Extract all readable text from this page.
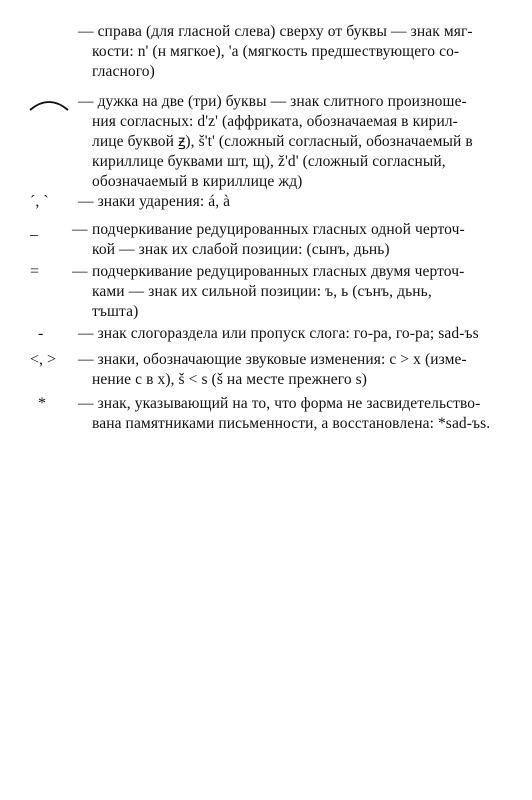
— справа (для гласной слева) сверху от буквы — знак мяг-
кости: n' (н мягкое), 'a (мягкость предшествующего со-
гласного)
— дужка на две (три) буквы — знак слитного произноше-
ния согласных: d'z' (аффриката, обозначаемая в кирил-
лице буквой ꙃ), š't' (сложный согласный, обозначаемый в
кириллице буквами шт, щ), ž'd' (сложный согласный,
обозначаемый в кириллице жд)
´, ` — знаки ударения: á, à
_ — подчеркивание редуцированных гласных одной черточ-
кой — знак их слабой позиции: (сынъ, дьнь)
= — подчеркивание редуцированных гласных двумя черточ-
ками — знак их сильной позиции: ъ, ь (сънъ, дьнь,
тъшта)
- — знак слогораздела или пропуск слога: го-ра, го-ра; sad-ъs
<, > — знаки, обозначающие звуковые изменения: c > x (изме-
нение c в x), š < s (š на месте прежнего s)
* — знак, указывающий на то, что форма не засвидетельство-
вана памятниками письменности, а восстановлена: *sad-ъs.
